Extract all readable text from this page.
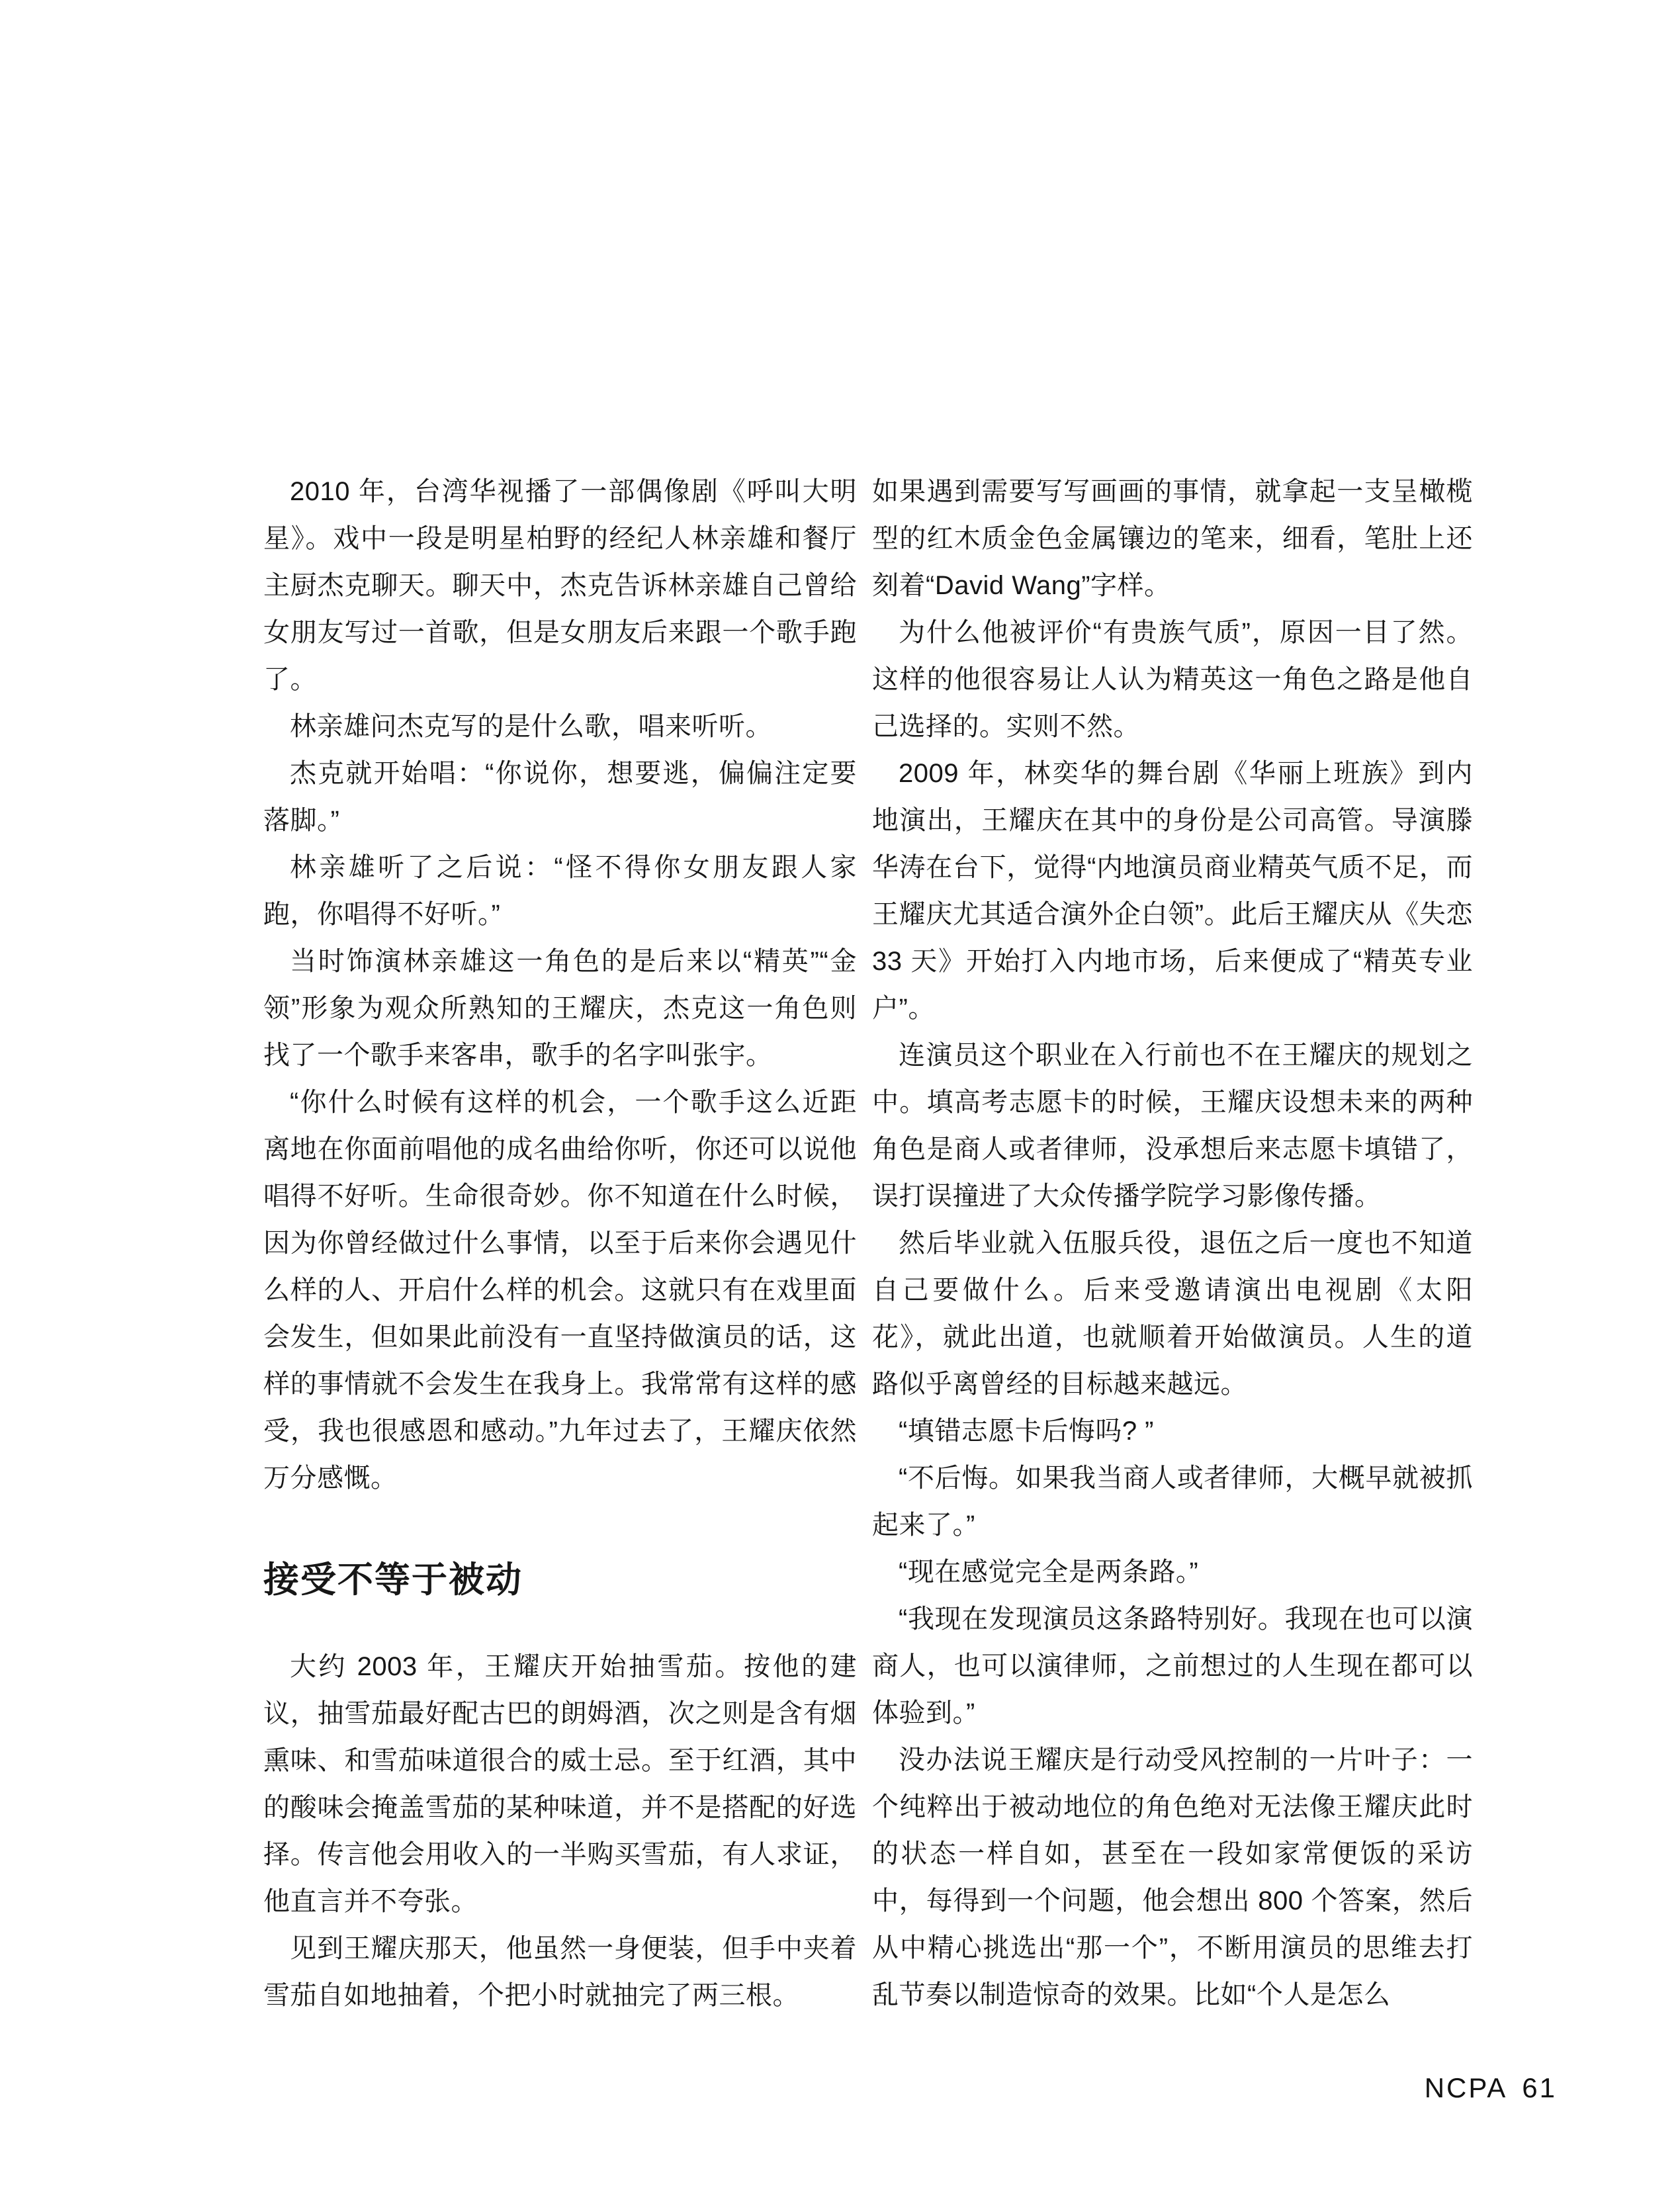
2010 年，台湾华视播了一部偶像剧《呼叫大明星》。戏中一段是明星柏野的经纪人林亲雄和餐厅主厨杰克聊天。聊天中，杰克告诉林亲雄自己曾给女朋友写过一首歌，但是女朋友后来跟一个歌手跑了。

林亲雄问杰克写的是什么歌，唱来听听。

杰克就开始唱：“你说你，想要逃，偏偏注定要落脚。”

林亲雄听了之后说：“怪不得你女朋友跟人家跑，你唱得不好听。”

当时饰演林亲雄这一角色的是后来以“精英”“金领”形象为观众所熟知的王耀庆，杰克这一角色则找了一个歌手来客串，歌手的名字叫张宇。

“你什么时候有这样的机会，一个歌手这么近距离地在你面前唱他的成名曲给你听，你还可以说他唱得不好听。生命很奇妙。你不知道在什么时候，因为你曾经做过什么事情，以至于后来你会遇见什么样的人、开启什么样的机会。这就只有在戏里面会发生，但如果此前没有一直坚持做演员的话，这样的事情就不会发生在我身上。我常常有这样的感受，我也很感恩和感动。”九年过去了，王耀庆依然万分感慨。

接受不等于被动

大约 2003 年，王耀庆开始抽雪茄。按他的建议，抽雪茄最好配古巴的朗姆酒，次之则是含有烟熏味、和雪茄味道很合的威士忌。至于红酒，其中的酸味会掩盖雪茄的某种味道，并不是搭配的好选择。传言他会用收入的一半购买雪茄，有人求证，他直言并不夸张。

见到王耀庆那天，他虽然一身便装，但手中夹着雪茄自如地抽着，个把小时就抽完了两三根。

如果遇到需要写写画画的事情，就拿起一支呈橄榄型的红木质金色金属镶边的笔来，细看，笔肚上还刻着“David Wang”字样。

为什么他被评价“有贵族气质”，原因一目了然。这样的他很容易让人认为精英这一角色之路是他自己选择的。实则不然。

2009 年，林奕华的舞台剧《华丽上班族》到内地演出，王耀庆在其中的身份是公司高管。导演滕华涛在台下，觉得“内地演员商业精英气质不足，而王耀庆尤其适合演外企白领”。此后王耀庆从《失恋 33 天》开始打入内地市场，后来便成了“精英专业户”。

连演员这个职业在入行前也不在王耀庆的规划之中。填高考志愿卡的时候，王耀庆设想未来的两种角色是商人或者律师，没承想后来志愿卡填错了，误打误撞进了大众传播学院学习影像传播。

然后毕业就入伍服兵役，退伍之后一度也不知道自己要做什么。后来受邀请演出电视剧《太阳花》，就此出道，也就顺着开始做演员。人生的道路似乎离曾经的目标越来越远。

“填错志愿卡后悔吗? ”

“不后悔。如果我当商人或者律师，大概早就被抓起来了。”

“现在感觉完全是两条路。”

“我现在发现演员这条路特别好。我现在也可以演商人，也可以演律师，之前想过的人生现在都可以体验到。”

没办法说王耀庆是行动受风控制的一片叶子：一个纯粹出于被动地位的角色绝对无法像王耀庆此时的状态一样自如，甚至在一段如家常便饭的采访中，每得到一个问题，他会想出 800 个答案，然后从中精心挑选出“那一个”，不断用演员的思维去打乱节奏以制造惊奇的效果。比如“个人是怎么

NCPA 61
